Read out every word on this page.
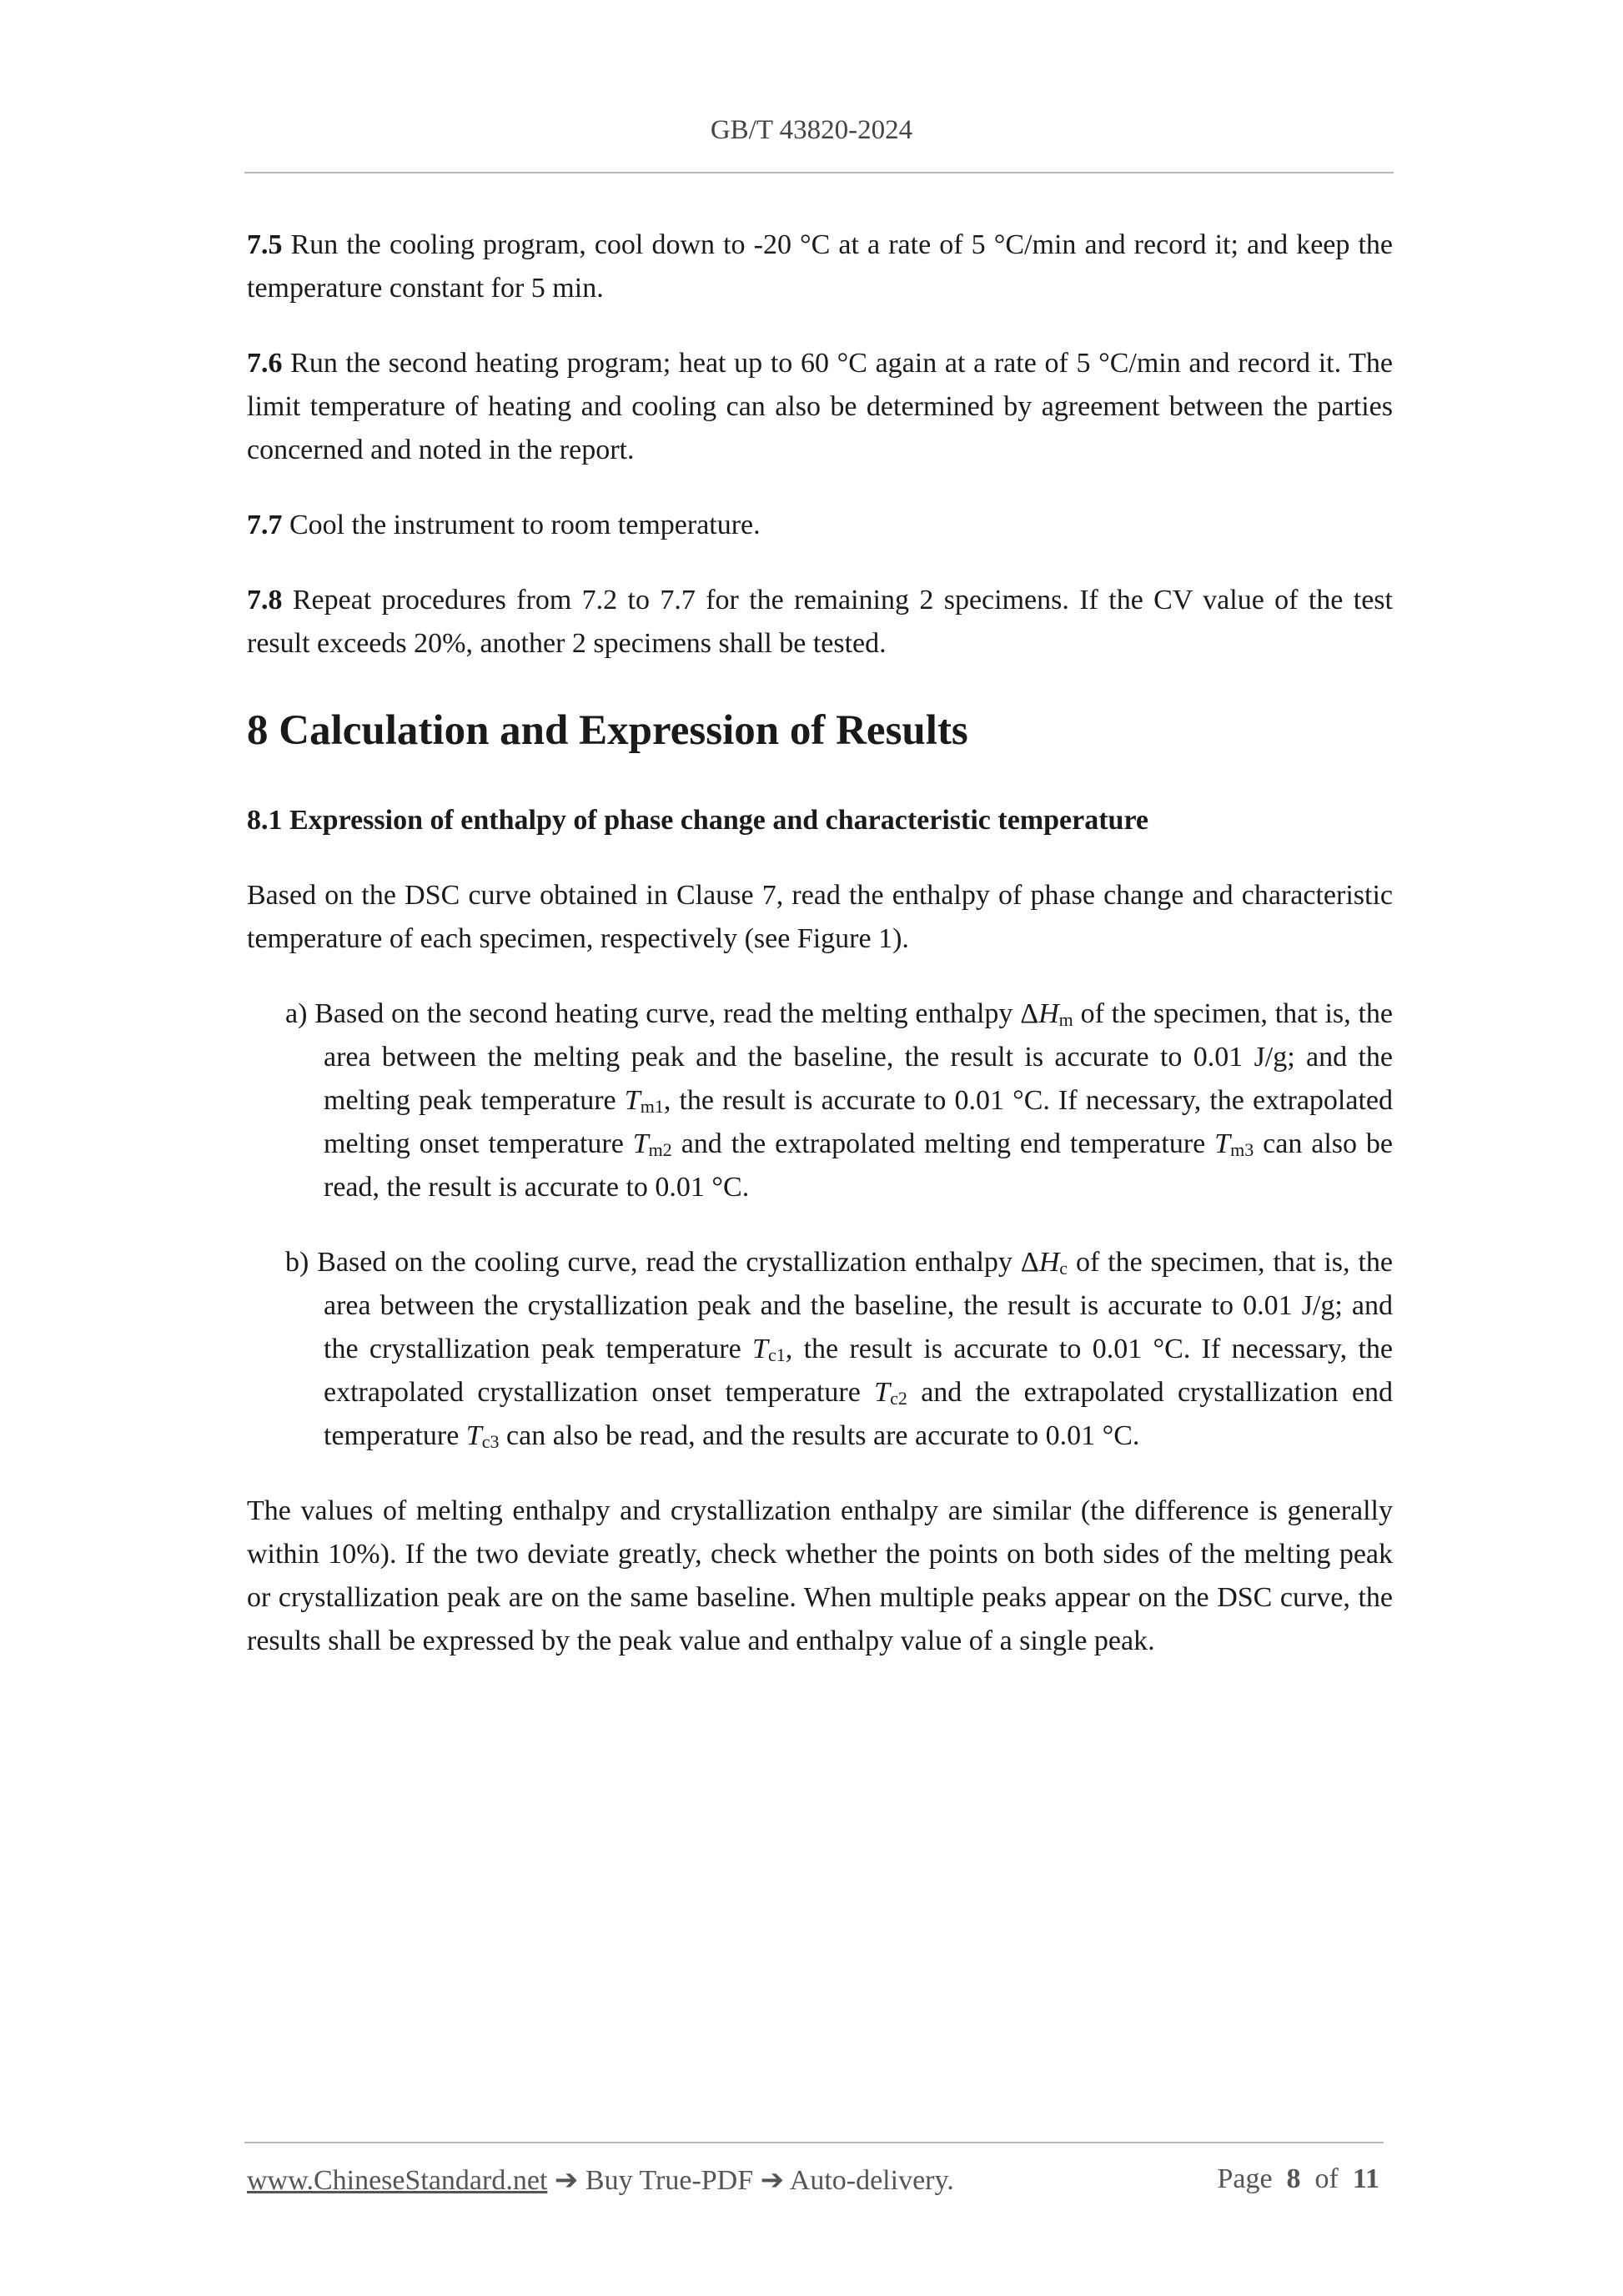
GB/T 43820-2024

7.5 Run the cooling program, cool down to -20 °C at a rate of 5 °C/min and record it; and keep the temperature constant for 5 min.

7.6 Run the second heating program; heat up to 60 °C again at a rate of 5 °C/min and record it. The limit temperature of heating and cooling can also be determined by agreement between the parties concerned and noted in the report.

7.7 Cool the instrument to room temperature.

7.8 Repeat procedures from 7.2 to 7.7 for the remaining 2 specimens. If the CV value of the test result exceeds 20%, another 2 specimens shall be tested.

8 Calculation and Expression of Results
8.1 Expression of enthalpy of phase change and characteristic temperature

Based on the DSC curve obtained in Clause 7, read the enthalpy of phase change and characteristic temperature of each specimen, respectively (see Figure 1).

a) Based on the second heating curve, read the melting enthalpy $\Delta H_m$ of the specimen, that is, the area between the melting peak and the baseline, the result is accurate to 0.01 J/g; and the melting peak temperature $T_{m1}$, the result is accurate to 0.01 °C. If necessary, the extrapolated melting onset temperature $T_{m2}$ and the extrapolated melting end temperature $T_{m3}$ can also be read, the result is accurate to 0.01 °C.

b) Based on the cooling curve, read the crystallization enthalpy $\Delta H_c$ of the specimen, that is, the area between the crystallization peak and the baseline, the result is accurate to 0.01 J/g; and the crystallization peak temperature $T_{c1}$, the result is accurate to 0.01 °C. If necessary, the extrapolated crystallization onset temperature $T_{c2}$ and the extrapolated crystallization end temperature $T_{c3}$ can also be read, and the results are accurate to 0.01 °C.

The values of melting enthalpy and crystallization enthalpy are similar (the difference is generally within 10%). If the two deviate greatly, check whether the points on both sides of the melting peak or crystallization peak are on the same baseline. When multiple peaks appear on the DSC curve, the results shall be expressed by the peak value and enthalpy value of a single peak.

www.ChineseStandard.net ➔ Buy True-PDF ➔ Auto-delivery.	Page 8 of 11
